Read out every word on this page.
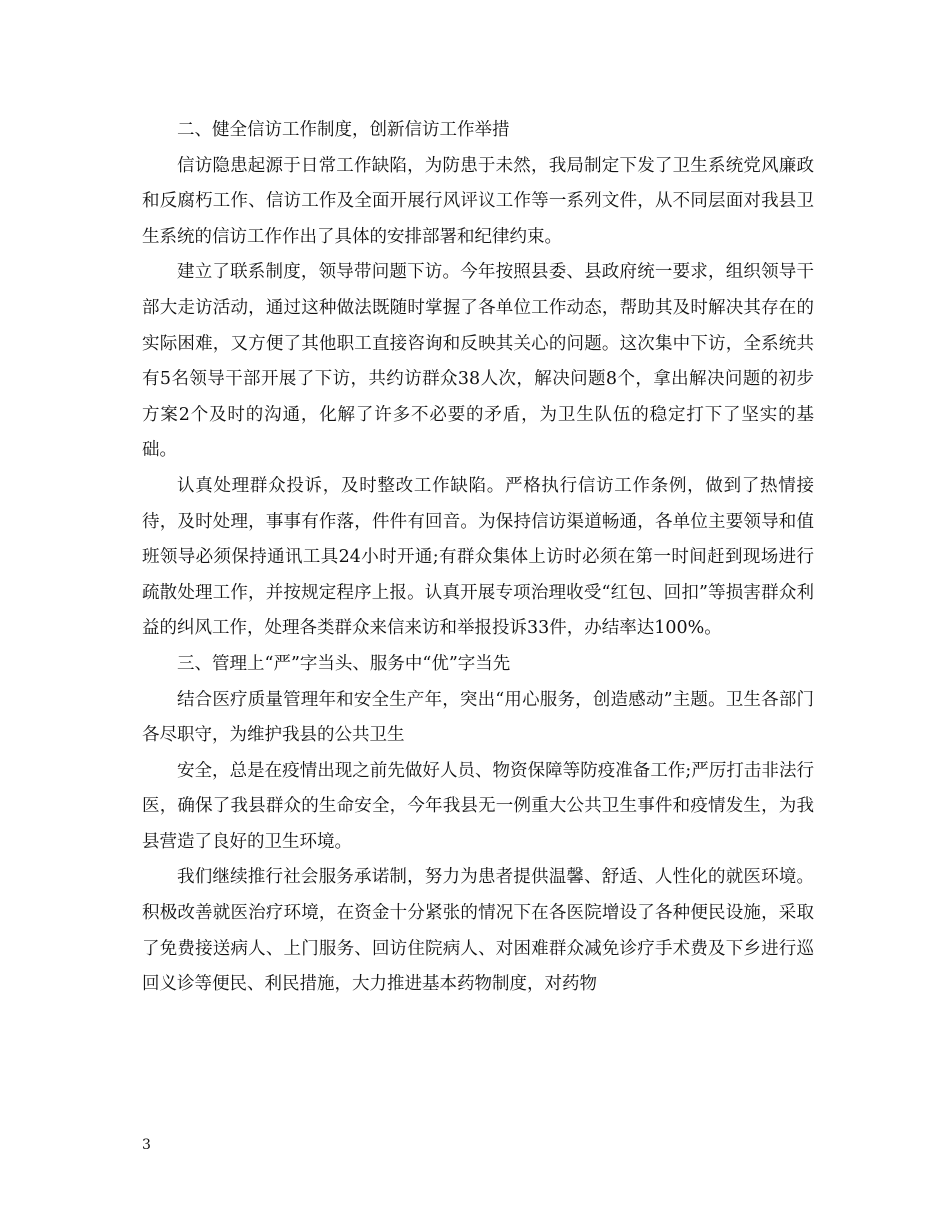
二、健全信访工作制度，创新信访工作举措

信访隐患起源于日常工作缺陷，为防患于未然，我局制定下发了卫生系统党风廉政和反腐朽工作、信访工作及全面开展行风评议工作等一系列文件，从不同层面对我县卫生系统的信访工作作出了具体的安排部署和纪律约束。

建立了联系制度，领导带问题下访。今年按照县委、县政府统一要求，组织领导干部大走访活动，通过这种做法既随时掌握了各单位工作动态，帮助其及时解决其存在的实际困难，又方便了其他职工直接咨询和反映其关心的问题。这次集中下访，全系统共有5名领导干部开展了下访，共约访群众38人次，解决问题8个，拿出解决问题的初步方案2个及时的沟通，化解了许多不必要的矛盾，为卫生队伍的稳定打下了坚实的基础。

认真处理群众投诉，及时整改工作缺陷。严格执行信访工作条例，做到了热情接待，及时处理，事事有作落，件件有回音。为保持信访渠道畅通，各单位主要领导和值班领导必须保持通讯工具24小时开通;有群众集体上访时必须在第一时间赶到现场进行疏散处理工作，并按规定程序上报。认真开展专项治理收受“红包、回扣”等损害群众利益的纠风工作，处理各类群众来信来访和举报投诉33件，办结率达100%。

三、管理上“严”字当头、服务中“优”字当先

结合医疗质量管理年和安全生产年，突出“用心服务，创造感动”主题。卫生各部门各尽职守，为维护我县的公共卫生

安全，总是在疫情出现之前先做好人员、物资保障等防疫准备工作;严厉打击非法行医，确保了我县群众的生命安全，今年我县无一例重大公共卫生事件和疫情发生，为我县营造了良好的卫生环境。

我们继续推行社会服务承诺制，努力为患者提供温馨、舒适、人性化的就医环境。积极改善就医治疗环境，在资金十分紧张的情况下在各医院增设了各种便民设施，采取了免费接送病人、上门服务、回访住院病人、对困难群众减免诊疗手术费及下乡进行巡回义诊等便民、利民措施，大力推进基本药物制度，对药物

3
